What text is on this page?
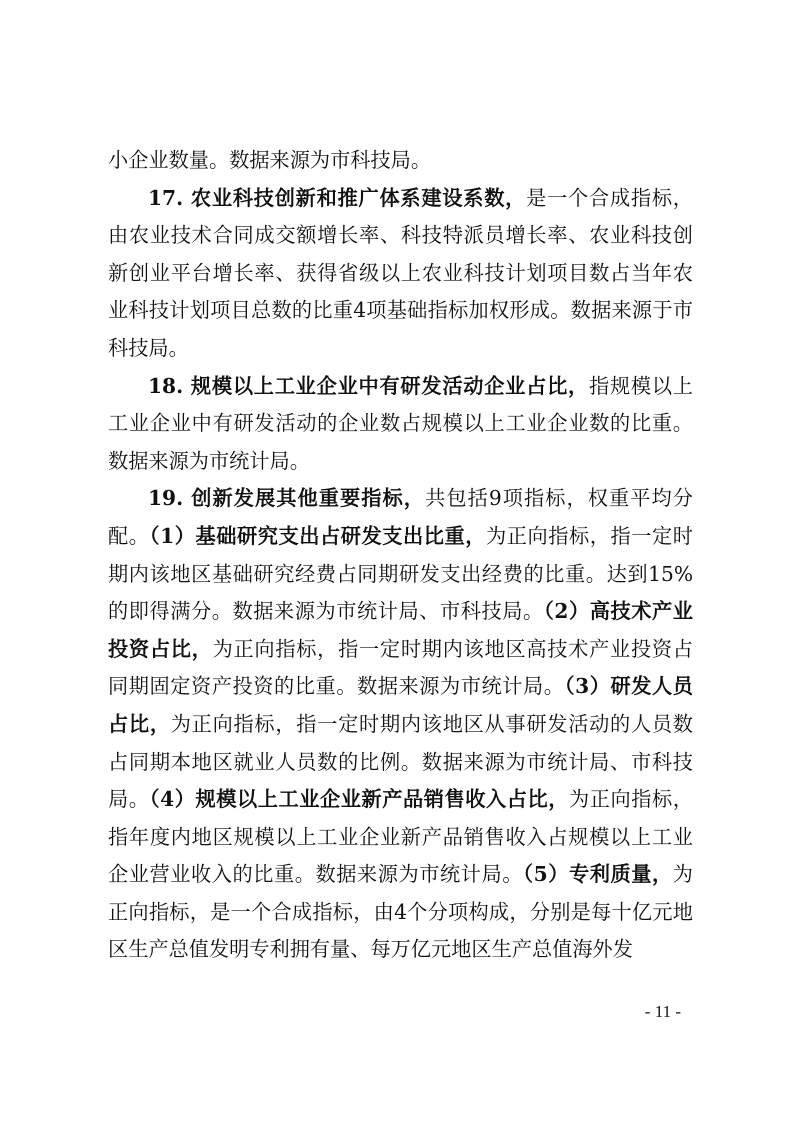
小企业数量。数据来源为市科技局。

17. 农业科技创新和推广体系建设系数，是一个合成指标，由农业技术合同成交额增长率、科技特派员增长率、农业科技创新创业平台增长率、获得省级以上农业科技计划项目数占当年农业科技计划项目总数的比重4项基础指标加权形成。数据来源于市科技局。

18. 规模以上工业企业中有研发活动企业占比，指规模以上工业企业中有研发活动的企业数占规模以上工业企业数的比重。数据来源为市统计局。

19. 创新发展其他重要指标，共包括9项指标，权重平均分配。（1）基础研究支出占研发支出比重，为正向指标，指一定时期内该地区基础研究经费占同期研发支出经费的比重。达到15%的即得满分。数据来源为市统计局、市科技局。（2）高技术产业投资占比，为正向指标，指一定时期内该地区高技术产业投资占同期固定资产投资的比重。数据来源为市统计局。（3）研发人员占比，为正向指标，指一定时期内该地区从事研发活动的人员数占同期本地区就业人员数的比例。数据来源为市统计局、市科技局。（4）规模以上工业企业新产品销售收入占比，为正向指标，指年度内地区规模以上工业企业新产品销售收入占规模以上工业企业营业收入的比重。数据来源为市统计局。（5）专利质量，为正向指标，是一个合成指标，由4个分项构成，分别是每十亿元地区生产总值发明专利拥有量、每万亿元地区生产总值海外发

- 11 -
